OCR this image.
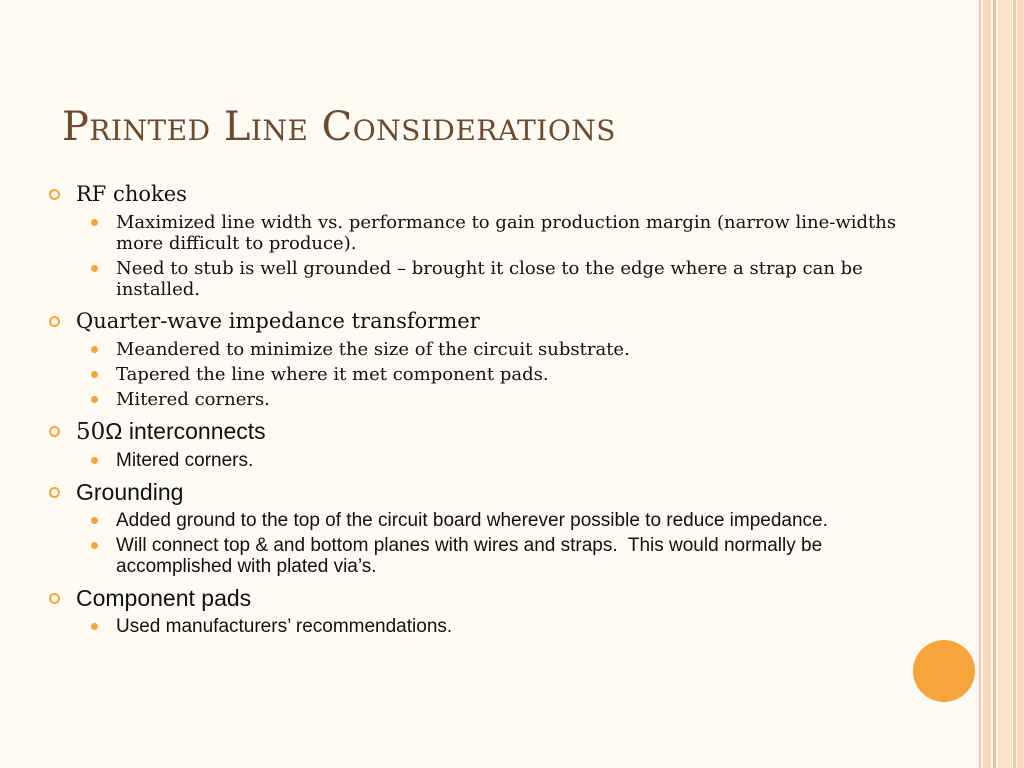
Printed Line Considerations
RF chokes
Maximized line width vs. performance to gain production margin (narrow line-widths more difficult to produce).
Need to stub is well grounded – brought it close to the edge where a strap can be installed.
Quarter-wave impedance transformer
Meandered to minimize the size of the circuit substrate.
Tapered the line where it met component pads.
Mitered corners.
50Ω interconnects
Mitered corners.
Grounding
Added ground to the top of the circuit board wherever possible to reduce impedance.
Will connect top & and bottom planes with wires and straps.  This would normally be accomplished with plated via’s.
Component pads
Used manufacturers’ recommendations.
